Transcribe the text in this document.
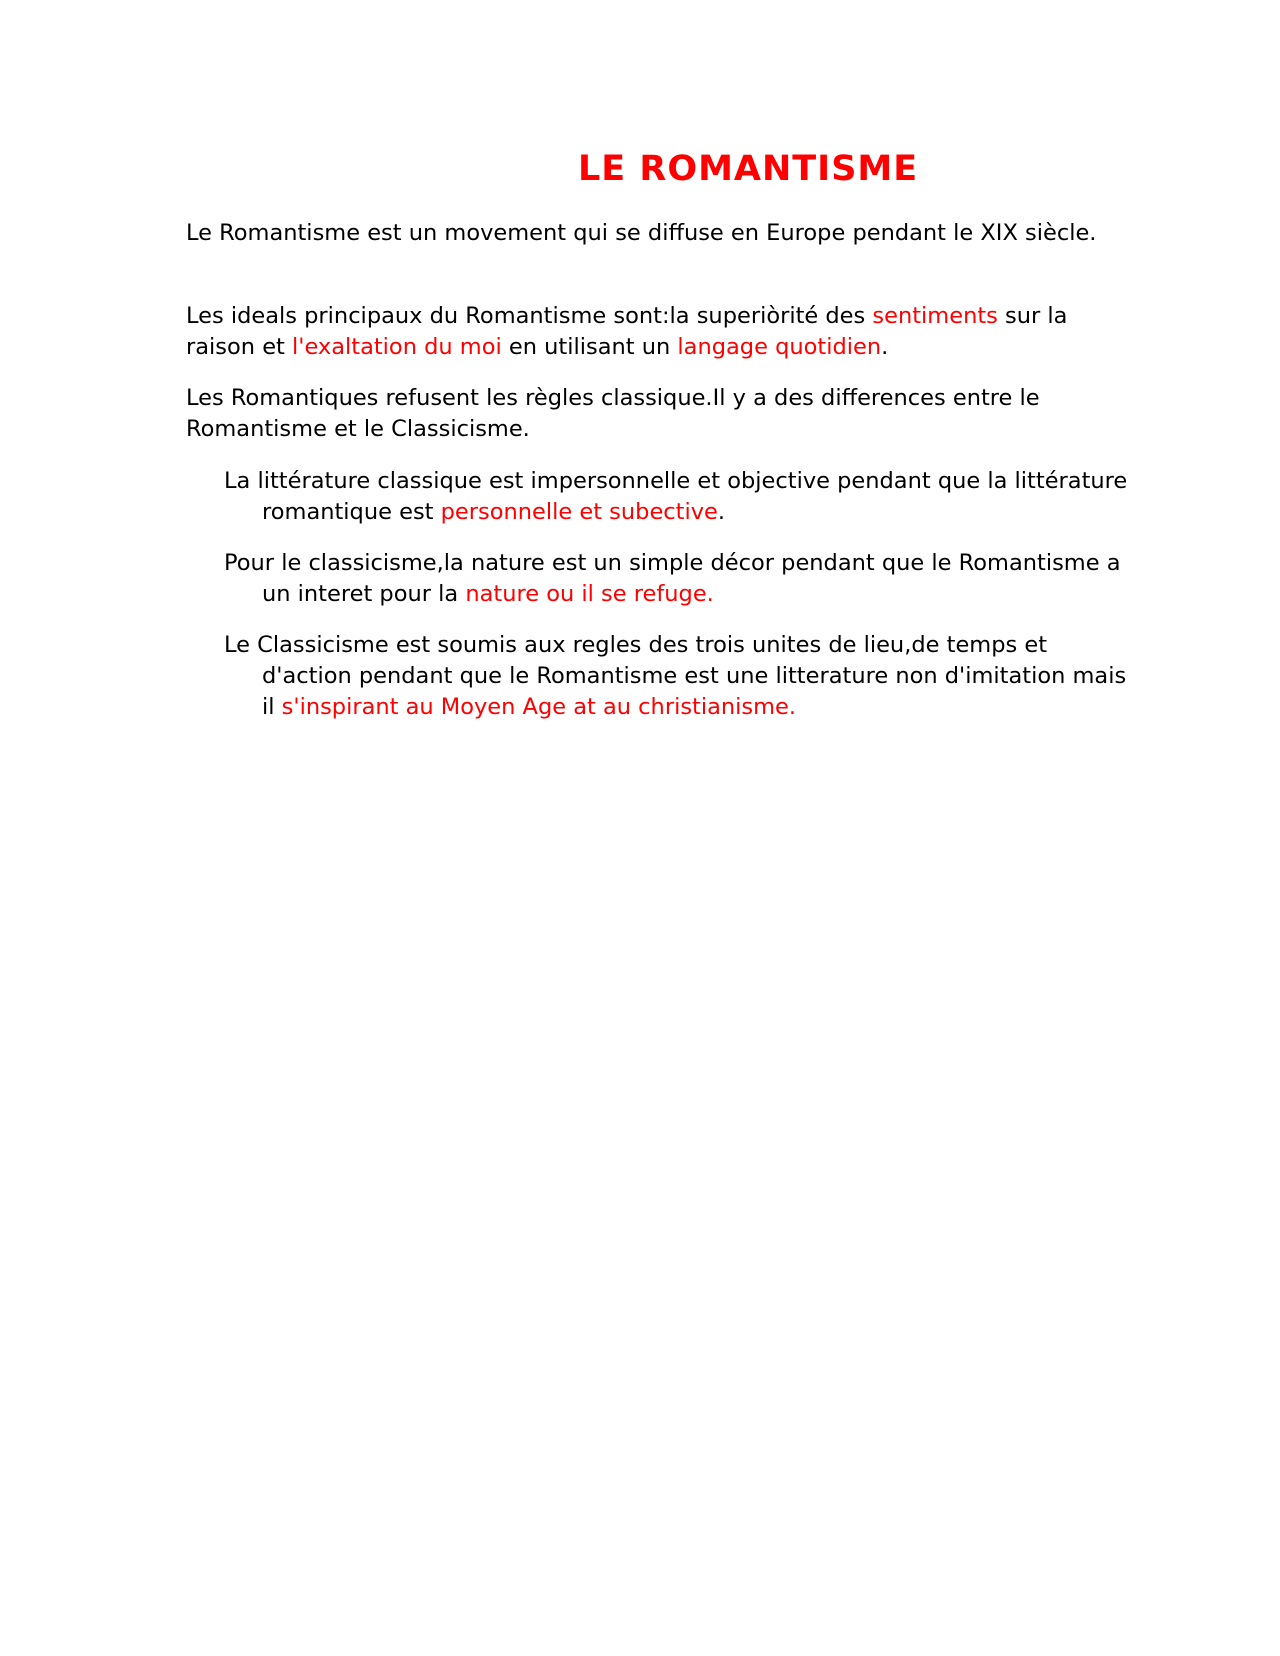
LE ROMANTISME

Le Romantisme est un movement qui se diffuse en Europe pendant le XIX siècle.

Les ideals principaux du Romantisme sont:la superiòrité des sentiments sur la raison et l'exaltation du moi en utilisant un langage quotidien.

Les Romantiques refusent les règles classique.Il y a des differences entre le Romantisme et le Classicisme.

La littérature classique est impersonnelle et objective pendant que la littérature romantique est personnelle et subective.

Pour le classicisme,la nature est un simple décor pendant que le Romantisme a un interet pour la nature ou il se refuge.

Le Classicisme est soumis aux regles des trois unites de lieu,de temps et d'action pendant que le Romantisme est une litterature non d'imitation mais il s'inspirant au Moyen Age at au christianisme.
